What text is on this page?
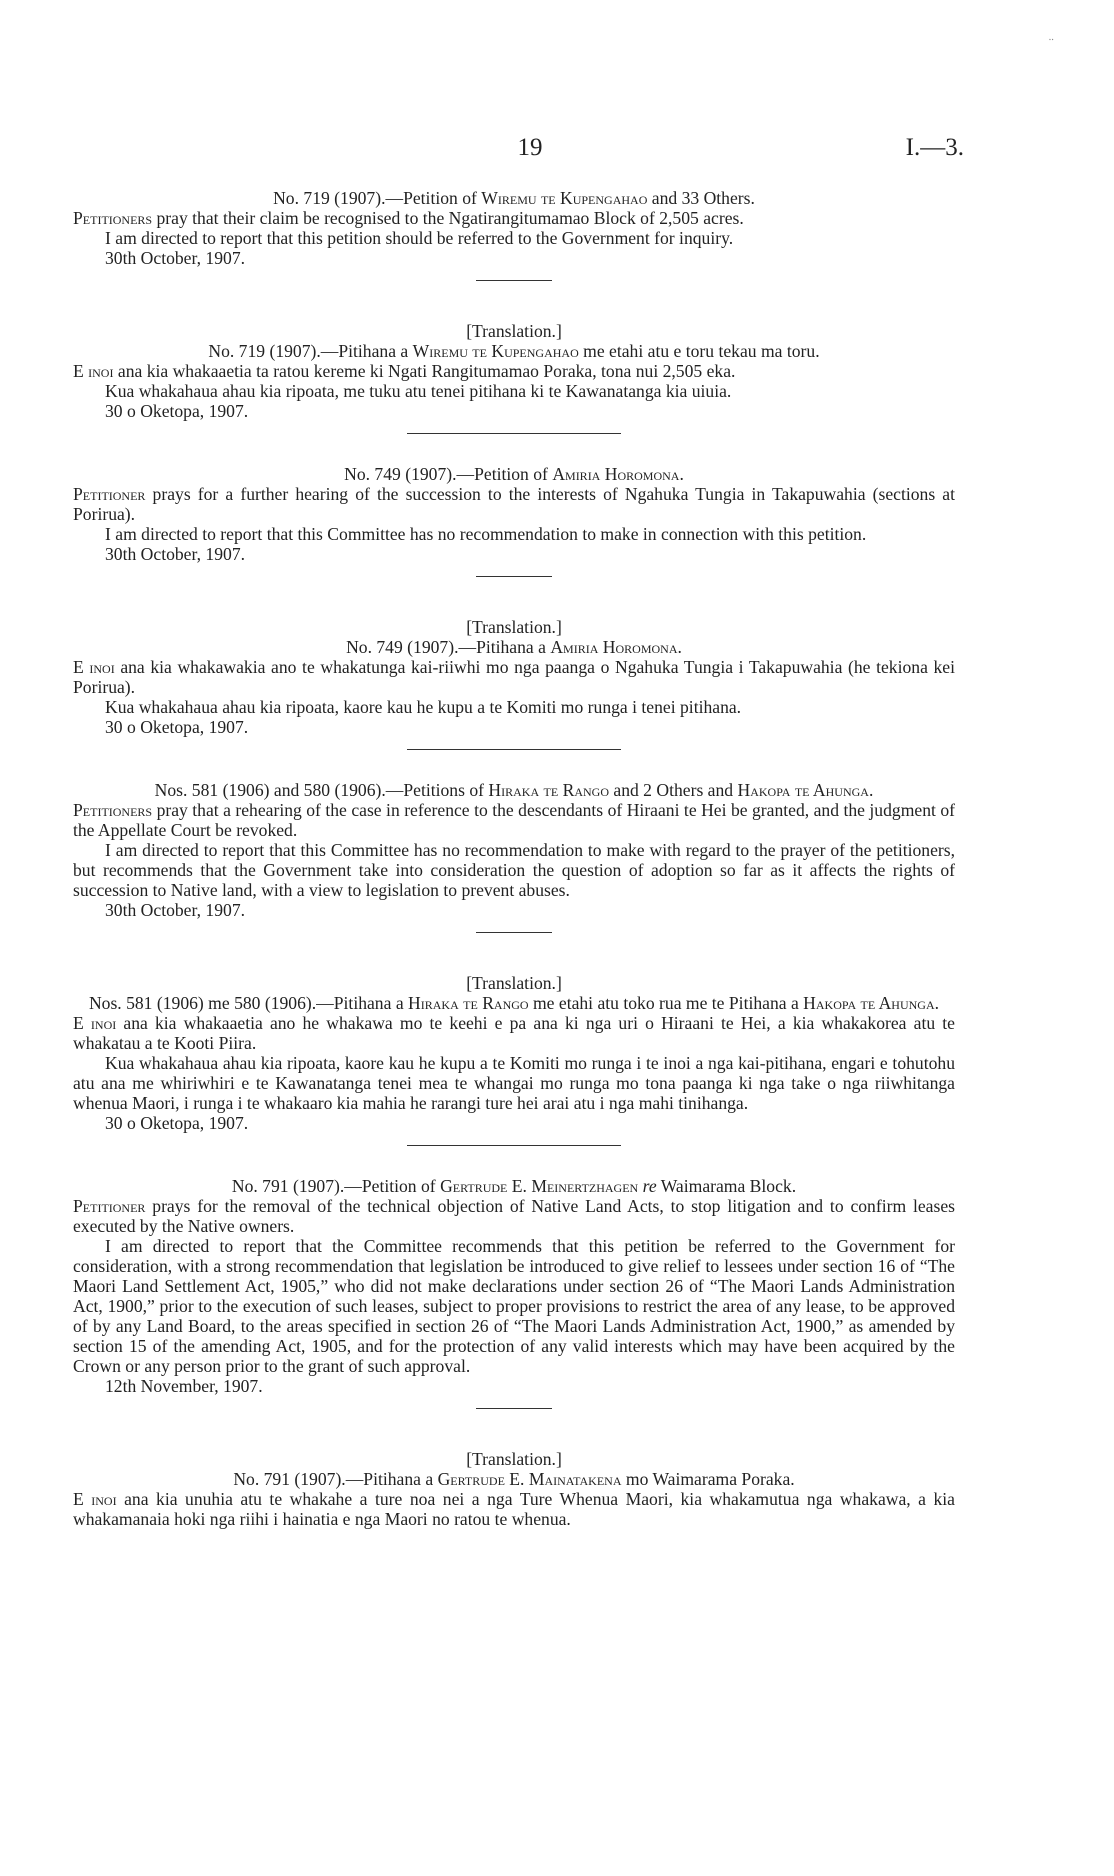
⸱⸱
19	I.—3.

No. 719 (1907).—Petition of Wiremu te Kupengahao and 33 Others.

Petitioners pray that their claim be recognised to the Ngatirangitumamao Block of 2,505 acres.

I am directed to report that this petition should be referred to the Government for inquiry.

30th October, 1907.

[Translation.]

No. 719 (1907).—Pitihana a Wiremu te Kupengahao me etahi atu e toru tekau ma toru.

E inoi ana kia whakaaetia ta ratou kereme ki Ngati Rangitumamao Poraka, tona nui 2,505 eka.

Kua whakahaua ahau kia ripoata, me tuku atu tenei pitihana ki te Kawanatanga kia uiuia.

30 o Oketopa, 1907.

No. 749 (1907).—Petition of Amiria Horomona.

Petitioner prays for a further hearing of the succession to the interests of Ngahuka Tungia in Takapuwahia (sections at Porirua).

I am directed to report that this Committee has no recommendation to make in connection with this petition.

30th October, 1907.

[Translation.]

No. 749 (1907).—Pitihana a Amiria Horomona.

E inoi ana kia whakawakia ano te whakatunga kai-riiwhi mo nga paanga o Ngahuka Tungia i Takapuwahia (he tekiona kei Porirua).

Kua whakahaua ahau kia ripoata, kaore kau he kupu a te Komiti mo runga i tenei pitihana.

30 o Oketopa, 1907.

Nos. 581 (1906) and 580 (1906).—Petitions of Hiraka te Rango and 2 Others and Hakopa te Ahunga.

Petitioners pray that a rehearing of the case in reference to the descendants of Hiraani te Hei be granted, and the judgment of the Appellate Court be revoked.

I am directed to report that this Committee has no recommendation to make with regard to the prayer of the petitioners, but recommends that the Government take into consideration the question of adoption so far as it affects the rights of succession to Native land, with a view to legislation to prevent abuses.

30th October, 1907.

[Translation.]

Nos. 581 (1906) me 580 (1906).—Pitihana a Hiraka te Rango me etahi atu toko rua me te Pitihana a Hakopa te Ahunga.

E inoi ana kia whakaaetia ano he whakawa mo te keehi e pa ana ki nga uri o Hiraani te Hei, a kia whakakorea atu te whakatau a te Kooti Piira.

Kua whakahaua ahau kia ripoata, kaore kau he kupu a te Komiti mo runga i te inoi a nga kai-pitihana, engari e tohutohu atu ana me whiriwhiri e te Kawanatanga tenei mea te whangai mo runga mo tona paanga ki nga take o nga riiwhitanga whenua Maori, i runga i te whakaaro kia mahia he rarangi ture hei arai atu i nga mahi tinihanga.

30 o Oketopa, 1907.

No. 791 (1907).—Petition of Gertrude E. Meinertzhagen re Waimarama Block.

Petitioner prays for the removal of the technical objection of Native Land Acts, to stop litigation and to confirm leases executed by the Native owners.

I am directed to report that the Committee recommends that this petition be referred to the Government for consideration, with a strong recommendation that legislation be introduced to give relief to lessees under section 16 of “The Maori Land Settlement Act, 1905,” who did not make declarations under section 26 of “The Maori Lands Administration Act, 1900,” prior to the execution of such leases, subject to proper provisions to restrict the area of any lease, to be approved of by any Land Board, to the areas specified in section 26 of “The Maori Lands Administration Act, 1900,” as amended by section 15 of the amending Act, 1905, and for the protection of any valid interests which may have been acquired by the Crown or any person prior to the grant of such approval.

12th November, 1907.

[Translation.]

No. 791 (1907).—Pitihana a Gertrude E. Mainatakena mo Waimarama Poraka.

E inoi ana kia unuhia atu te whakahe a ture noa nei a nga Ture Whenua Maori, kia whakamutua nga whakawa, a kia whakamanaia hoki nga riihi i hainatia e nga Maori no ratou te whenua.
